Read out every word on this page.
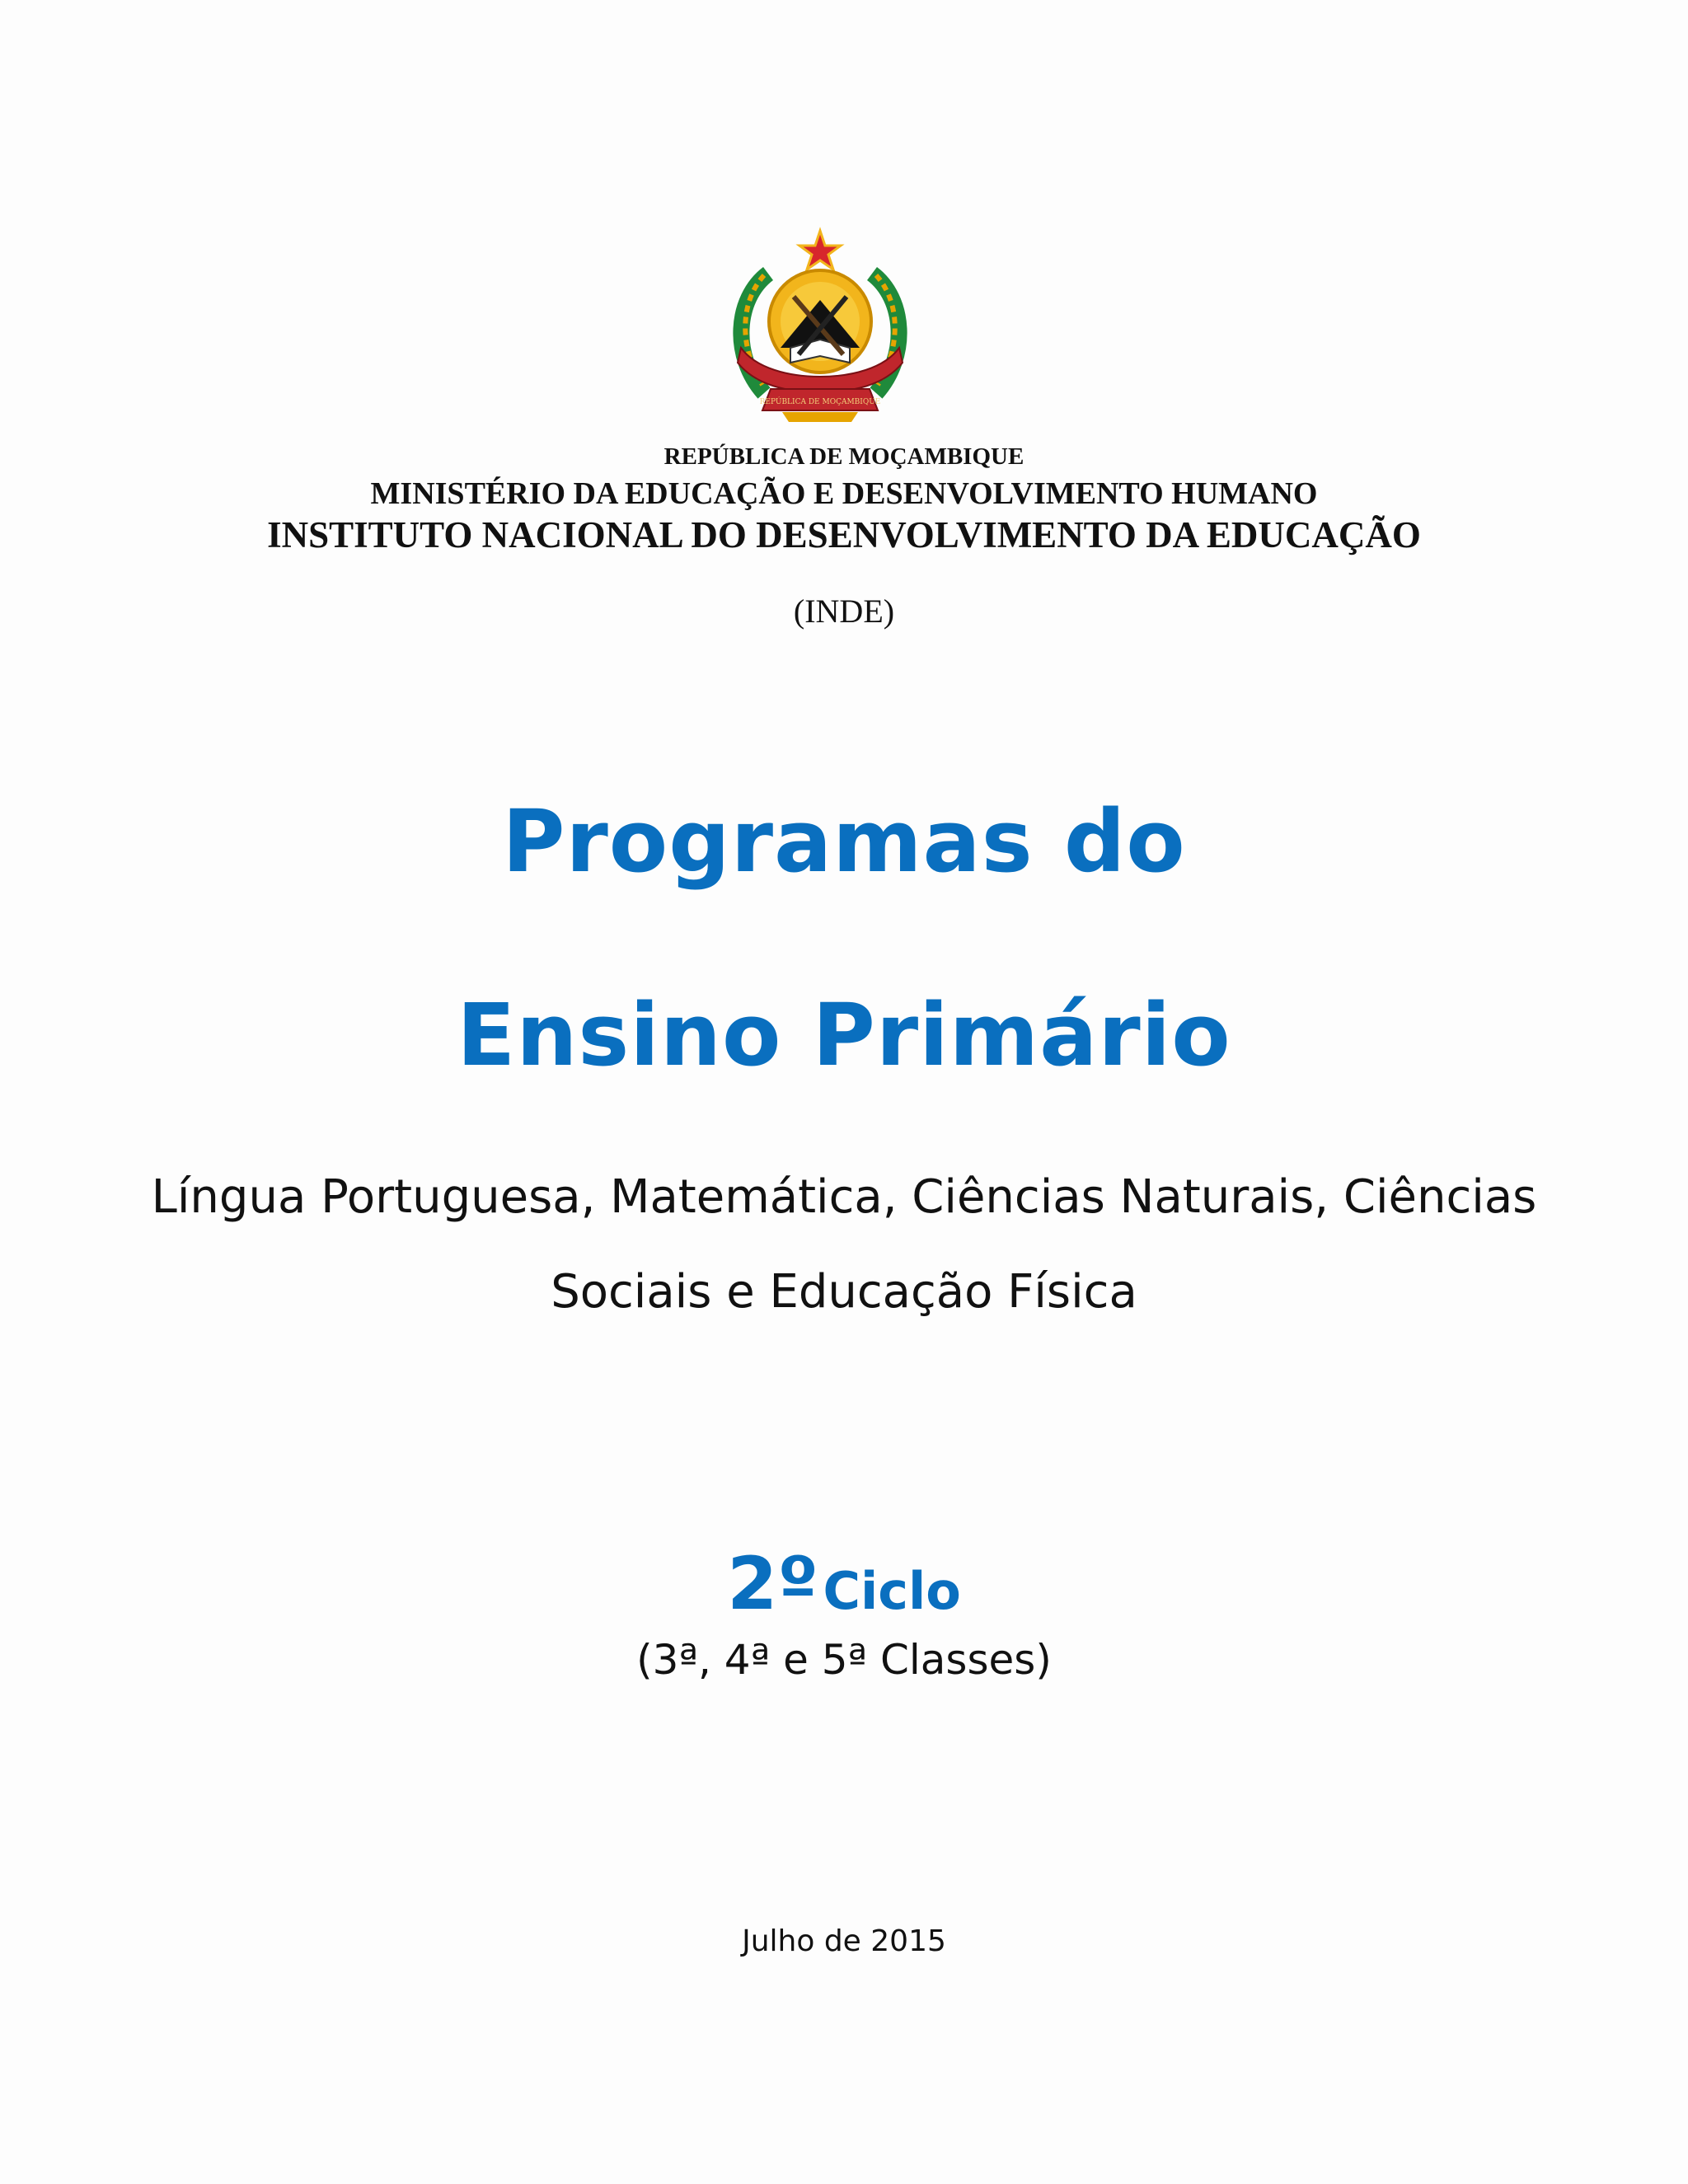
REPÚBLICA DE MOÇAMBIQUE
REPÚBLICA DE MOÇAMBIQUE
MINISTÉRIO DA EDUCAÇÃO E DESENVOLVIMENTO HUMANO
INSTITUTO NACIONAL DO DESENVOLVIMENTO DA EDUCAÇÃO
(INDE)
Programas do
Ensino Primário
Língua Portuguesa, Matemática, Ciências Naturais, Ciências
Sociais e Educação Física
2º Ciclo
(3ª, 4ª e 5ª Classes)
Julho de 2015
